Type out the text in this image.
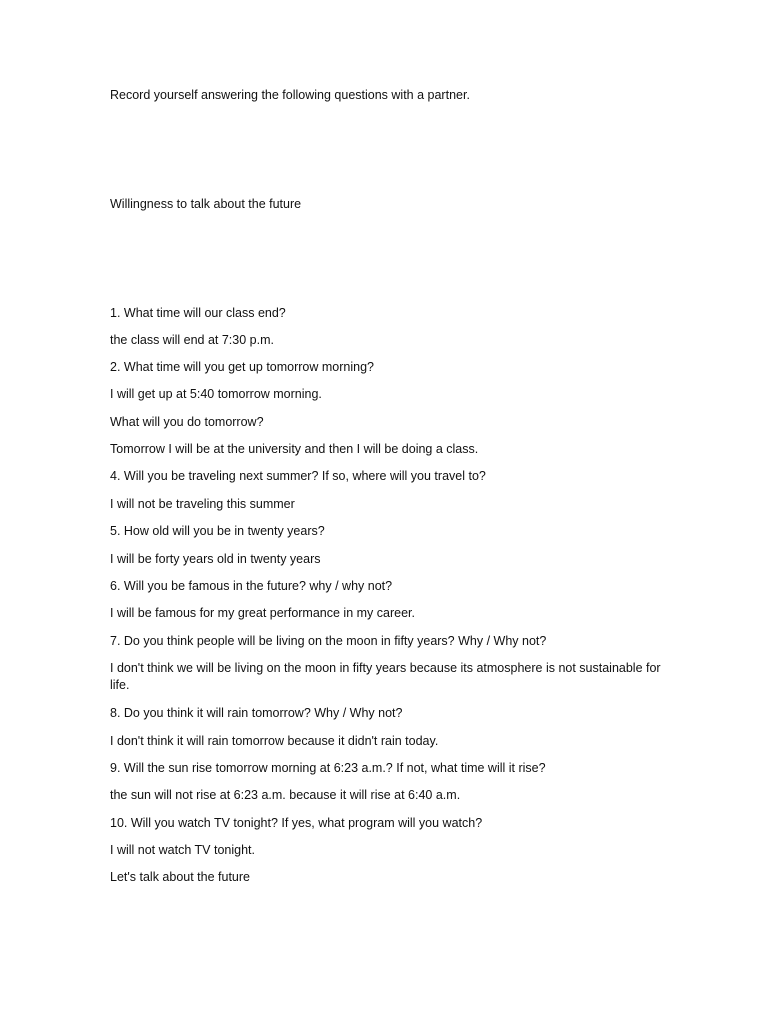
Record yourself answering the following questions with a partner.
Willingness to talk about the future
1. What time will our class end?
the class will end at 7:30 p.m.
2. What time will you get up tomorrow morning?
I will get up at 5:40 tomorrow morning.
What will you do tomorrow?
Tomorrow I will be at the university and then I will be doing a class.
4. Will you be traveling next summer? If so, where will you travel to?
I will not be traveling this summer
5. How old will you be in twenty years?
I will be forty years old in twenty years
6. Will you be famous in the future? why / why not?
I will be famous for my great performance in my career.
7. Do you think people will be living on the moon in fifty years? Why / Why not?
I don't think we will be living on the moon in fifty years because its atmosphere is not sustainable for life.
8. Do you think it will rain tomorrow? Why / Why not?
I don't think it will rain tomorrow because it didn't rain today.
9. Will the sun rise tomorrow morning at 6:23 a.m.? If not, what time will it rise?
the sun will not rise at 6:23 a.m. because it will rise at 6:40 a.m.
10. Will you watch TV tonight? If yes, what program will you watch?
I will not watch TV tonight.
Let's talk about the future
